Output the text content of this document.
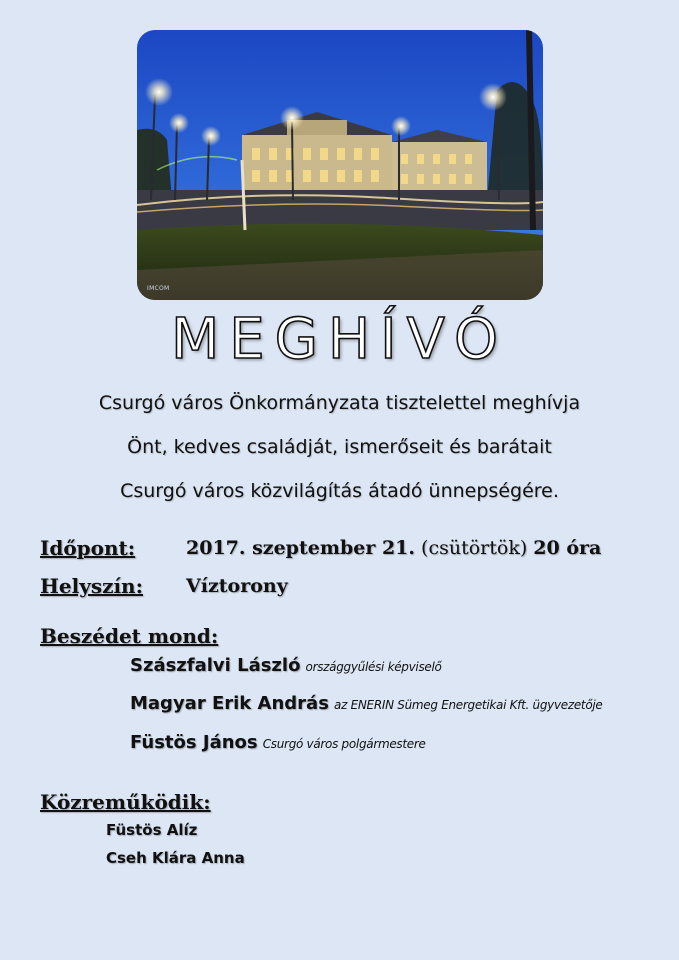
IMCOM
MEGHÍVÓ
Csurgó város Önkormányzata tisztelettel meghívja
Önt, kedves családját, ismerőseit és barátait
Csurgó város közvilágítás átadó ünnepségére.
Időpont:	2017. szeptember 21. (csütörtök) 20 óra
Helyszín: Víztorony
Beszédet mond:
Szászfalvi László országgyűlési képviselő
Magyar Erik András az ENERIN Sümeg Energetikai Kft. ügyvezetője
Füstös János Csurgó város polgármestere
Közreműködik:
Füstös Alíz
Cseh Klára Anna
